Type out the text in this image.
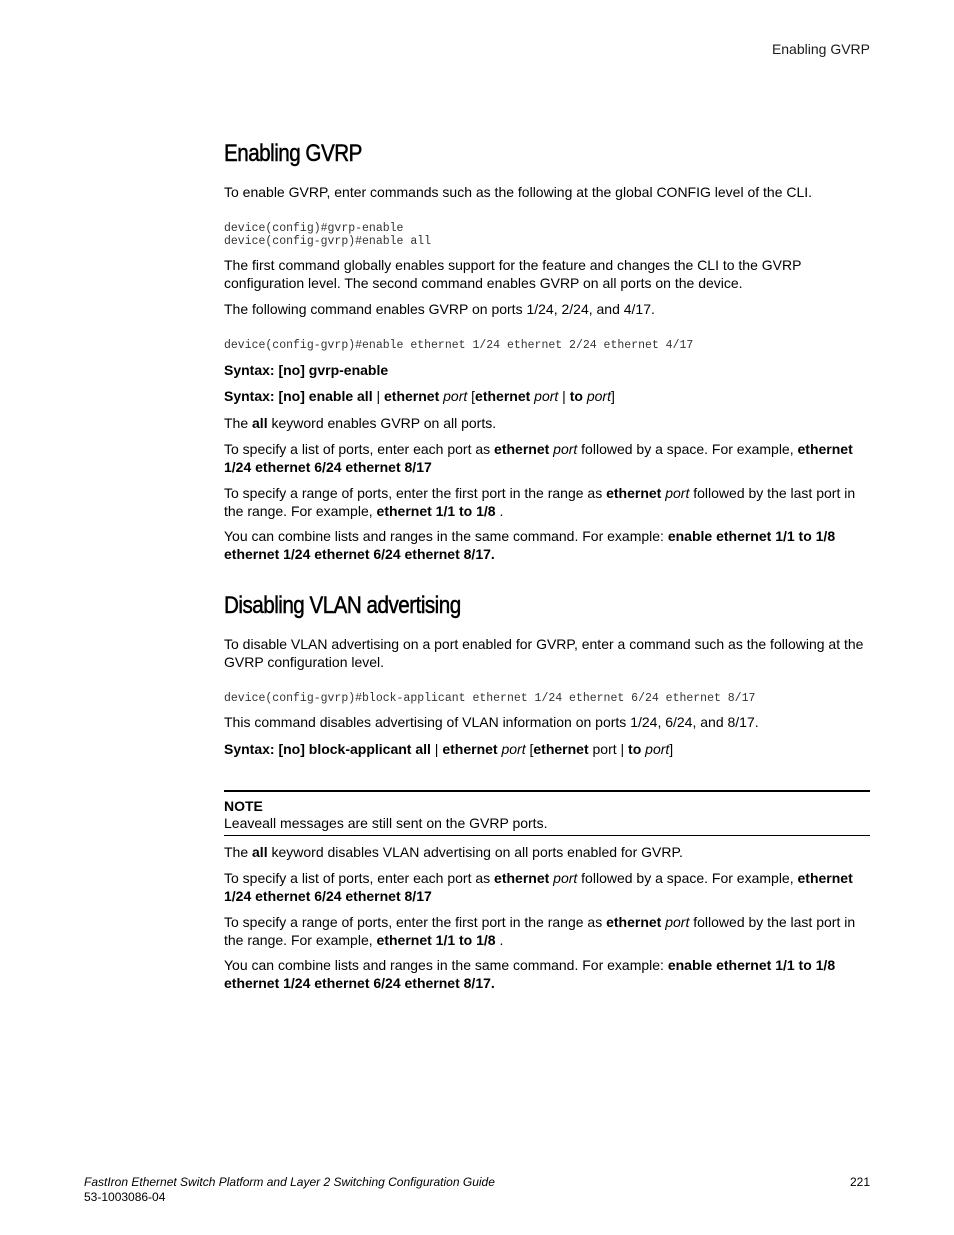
Enabling GVRP
Enabling GVRP

To enable GVRP, enter commands such as the following at the global CONFIG level of the CLI.

device(config)#gvrp-enable
device(config-gvrp)#enable all

The first command globally enables support for the feature and changes the CLI to the GVRP configuration level. The second command enables GVRP on all ports on the device.

The following command enables GVRP on ports 1/24, 2/24, and 4/17.

device(config-gvrp)#enable ethernet 1/24 ethernet 2/24 ethernet 4/17

Syntax: [no] gvrp-enable

Syntax: [no] enable all | ethernet port [ethernet port | to port]

The all keyword enables GVRP on all ports.

To specify a list of ports, enter each port as ethernet port followed by a space. For example, ethernet 1/24 ethernet 6/24 ethernet 8/17

To specify a range of ports, enter the first port in the range as ethernet port followed by the last port in the range. For example, ethernet 1/1 to 1/8 .

You can combine lists and ranges in the same command. For example: enable ethernet 1/1 to 1/8 ethernet 1/24 ethernet 6/24 ethernet 8/17.

Disabling VLAN advertising

To disable VLAN advertising on a port enabled for GVRP, enter a command such as the following at the GVRP configuration level.

device(config-gvrp)#block-applicant ethernet 1/24 ethernet 6/24 ethernet 8/17

This command disables advertising of VLAN information on ports 1/24, 6/24, and 8/17.

Syntax: [no] block-applicant all | ethernet port [ethernet port | to port]

NOTE

Leaveall messages are still sent on the GVRP ports.

The all keyword disables VLAN advertising on all ports enabled for GVRP.

To specify a list of ports, enter each port as ethernet port followed by a space. For example, ethernet 1/24 ethernet 6/24 ethernet 8/17

To specify a range of ports, enter the first port in the range as ethernet port followed by the last port in the range. For example, ethernet 1/1 to 1/8 .

You can combine lists and ranges in the same command. For example: enable ethernet 1/1 to 1/8 ethernet 1/24 ethernet 6/24 ethernet 8/17.

FastIron Ethernet Switch Platform and Layer 2 Switching Configuration Guide
53-1003086-04
221
